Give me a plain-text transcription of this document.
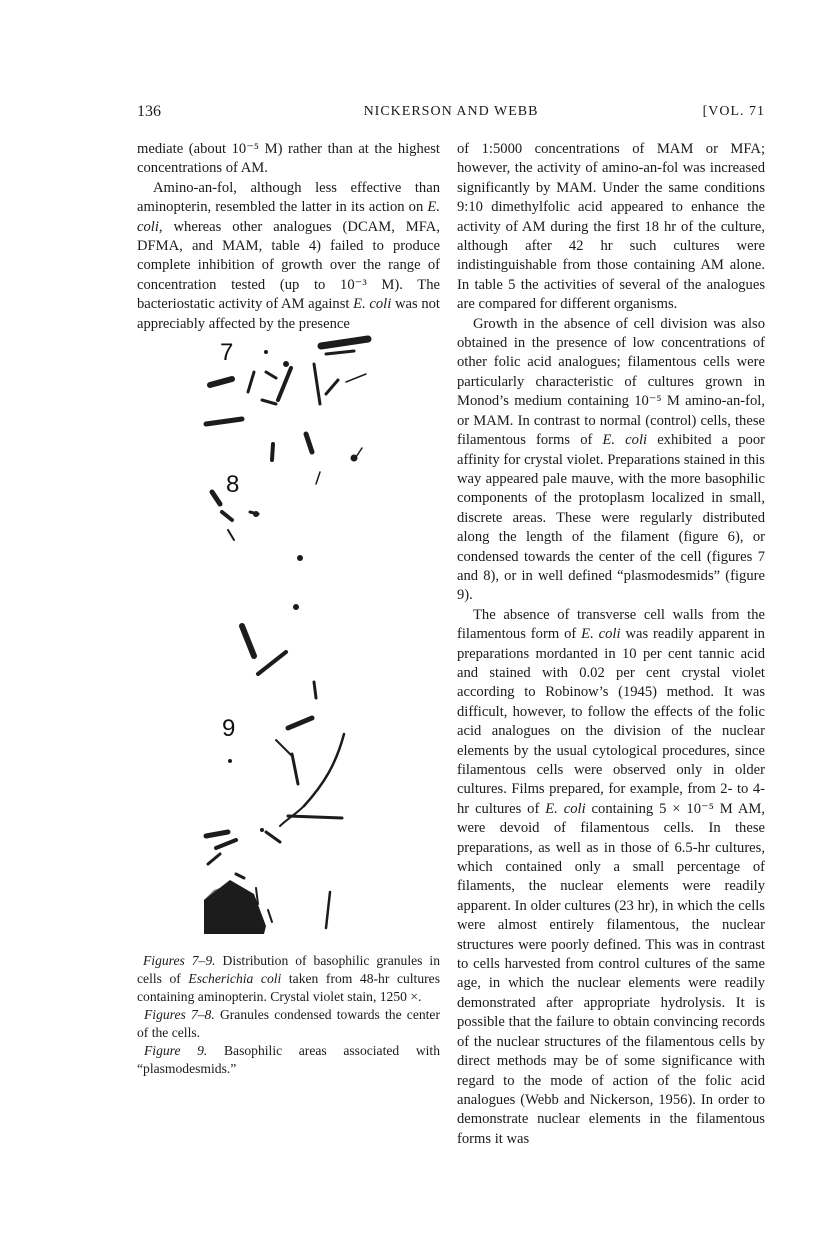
136	NICKERSON AND WEBB	[VOL. 71

mediate (about 10⁻⁵ M) rather than at the highest concentrations of AM.

Amino-an-fol, although less effective than aminopterin, resembled the latter in its action on E. coli, whereas other analogues (DCAM, MFA, DFMA, and MAM, table 4) failed to produce complete inhibition of growth over the range of concentration tested (up to 10⁻³ M). The bacteriostatic activity of AM against E. coli was not appreciably affected by the presence

7
8
9

Figures 7–9. Distribution of basophilic granules in cells of Escherichia coli taken from 48-hr cultures containing aminopterin. Crystal violet stain, 1250 ×.

Figures 7–8. Granules condensed towards the center of the cells.

Figure 9. Basophilic areas associated with “plasmodesmids.”

of 1:5000 concentrations of MAM or MFA; however, the activity of amino-an-fol was increased significantly by MAM. Under the same conditions 9:10 dimethylfolic acid appeared to enhance the activity of AM during the first 18 hr of the culture, although after 42 hr such cultures were indistinguishable from those containing AM alone. In table 5 the activities of several of the analogues are compared for different organisms.

Growth in the absence of cell division was also obtained in the presence of low concentrations of other folic acid analogues; filamentous cells were particularly characteristic of cultures grown in Monod’s medium containing 10⁻⁵ M amino-an-fol, or MAM. In contrast to normal (control) cells, these filamentous forms of E. coli exhibited a poor affinity for crystal violet. Preparations stained in this way appeared pale mauve, with the more basophilic components of the protoplasm localized in small, discrete areas. These were regularly distributed along the length of the filament (figure 6), or condensed towards the center of the cell (figures 7 and 8), or in well defined “plasmodesmids” (figure 9).

The absence of transverse cell walls from the filamentous form of E. coli was readily apparent in preparations mordanted in 10 per cent tannic acid and stained with 0.02 per cent crystal violet according to Robinow’s (1945) method. It was difficult, however, to follow the effects of the folic acid analogues on the division of the nuclear elements by the usual cytological procedures, since filamentous cells were observed only in older cultures. Films prepared, for example, from 2- to 4-hr cultures of E. coli containing 5 × 10⁻⁵ M AM, were devoid of filamentous cells. In these preparations, as well as in those of 6.5-hr cultures, which contained only a small percentage of filaments, the nuclear elements were readily apparent. In older cultures (23 hr), in which the cells were almost entirely filamentous, the nuclear structures were poorly defined. This was in contrast to cells harvested from control cultures of the same age, in which the nuclear elements were readily demonstrated after appropriate hydrolysis. It is possible that the failure to obtain convincing records of the nuclear structures of the filamentous cells by direct methods may be of some significance with regard to the mode of action of the folic acid analogues (Webb and Nickerson, 1956). In order to demonstrate nuclear elements in the filamentous forms it was
